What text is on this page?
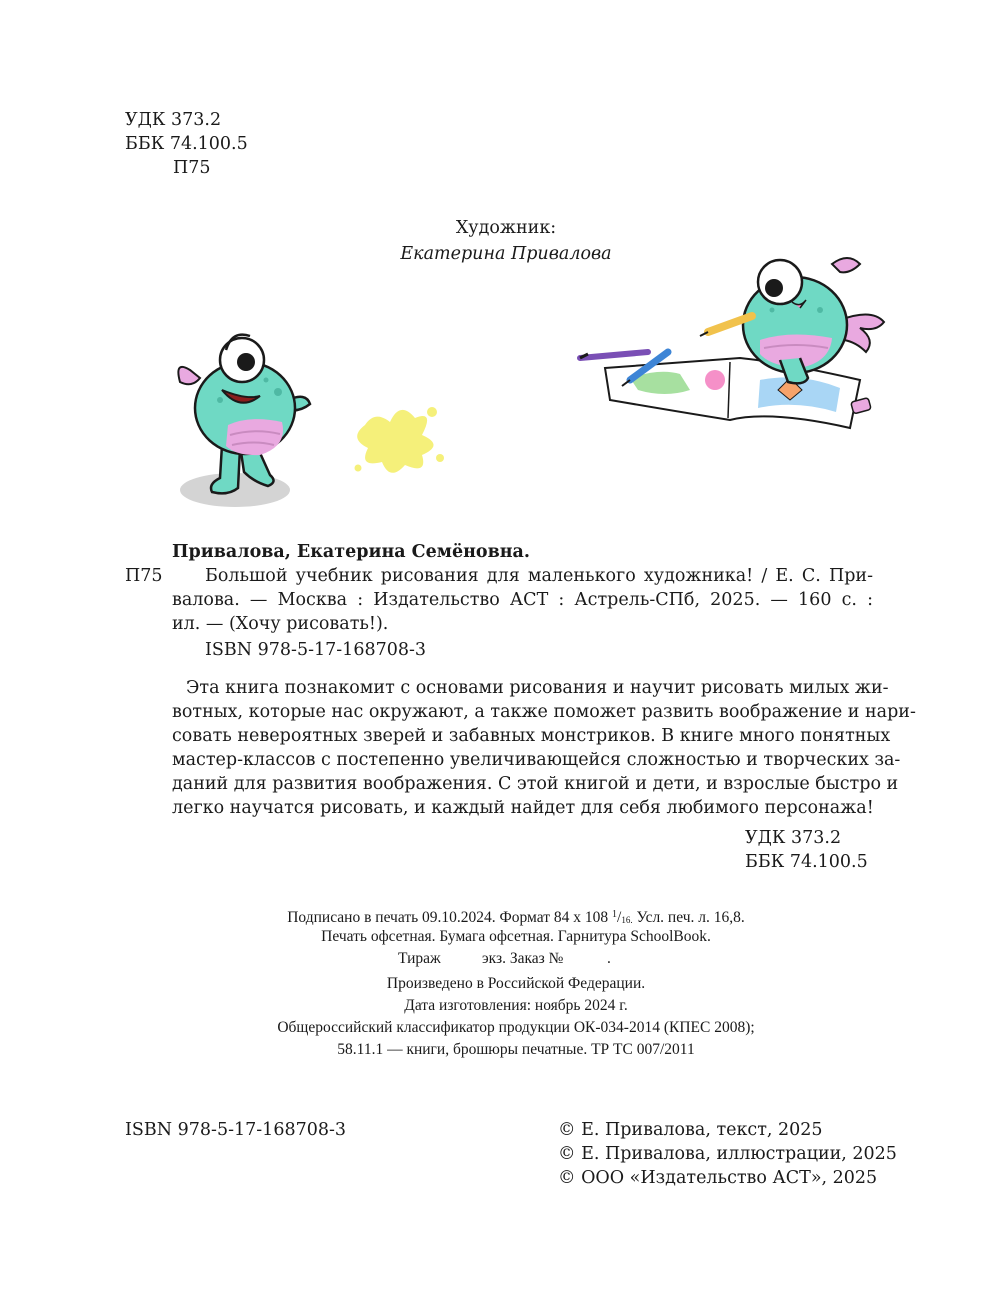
УДК 373.2
ББК 74.100.5
П75
Художник:
Екатерина Привалова
Привалова, Екатерина Семёновна.
П75 Большой учебник рисования для маленького художника! / Е. С. При-
валова. — Москва : Издательство АСТ : Астрель-СПб, 2025. — 160 с. :
ил. — (Хочу рисовать!).
ISBN 978-5-17-168708-3
Эта книга познакомит с основами рисования и научит рисовать милых жи-
вотных, которые нас окружают, а также поможет развить воображение и нари-
совать невероятных зверей и забавных монстриков. В книге много понятных
мастер-классов с постепенно увеличивающейся сложностью и творческих за-
даний для развития воображения. С этой книгой и дети, и взрослые быстро и
легко научатся рисовать, и каждый найдет для себя любимого персонажа!
УДК 373.2
ББК 74.100.5
Подписано в печать 09.10.2024. Формат 84 x 108 $^1/_{16.}$ Усл. печ. л. 16,8.
Печать офсетная. Бумага офсетная. Гарнитура SchoolBook.
Тираж	экз. Заказ №	.
Произведено в Российской Федерации.
Дата изготовления: ноябрь 2024 г.
Общероссийский классификатор продукции ОК-034-2014 (КПЕС 2008);
58.11.1 — книги, брошюры печатные. ТР ТС 007/2011
ISBN 978-5-17-168708-3	© Е. Привалова, текст, 2025
© Е. Привалова, иллюстрации, 2025
© ООО «Издательство АСТ», 2025
